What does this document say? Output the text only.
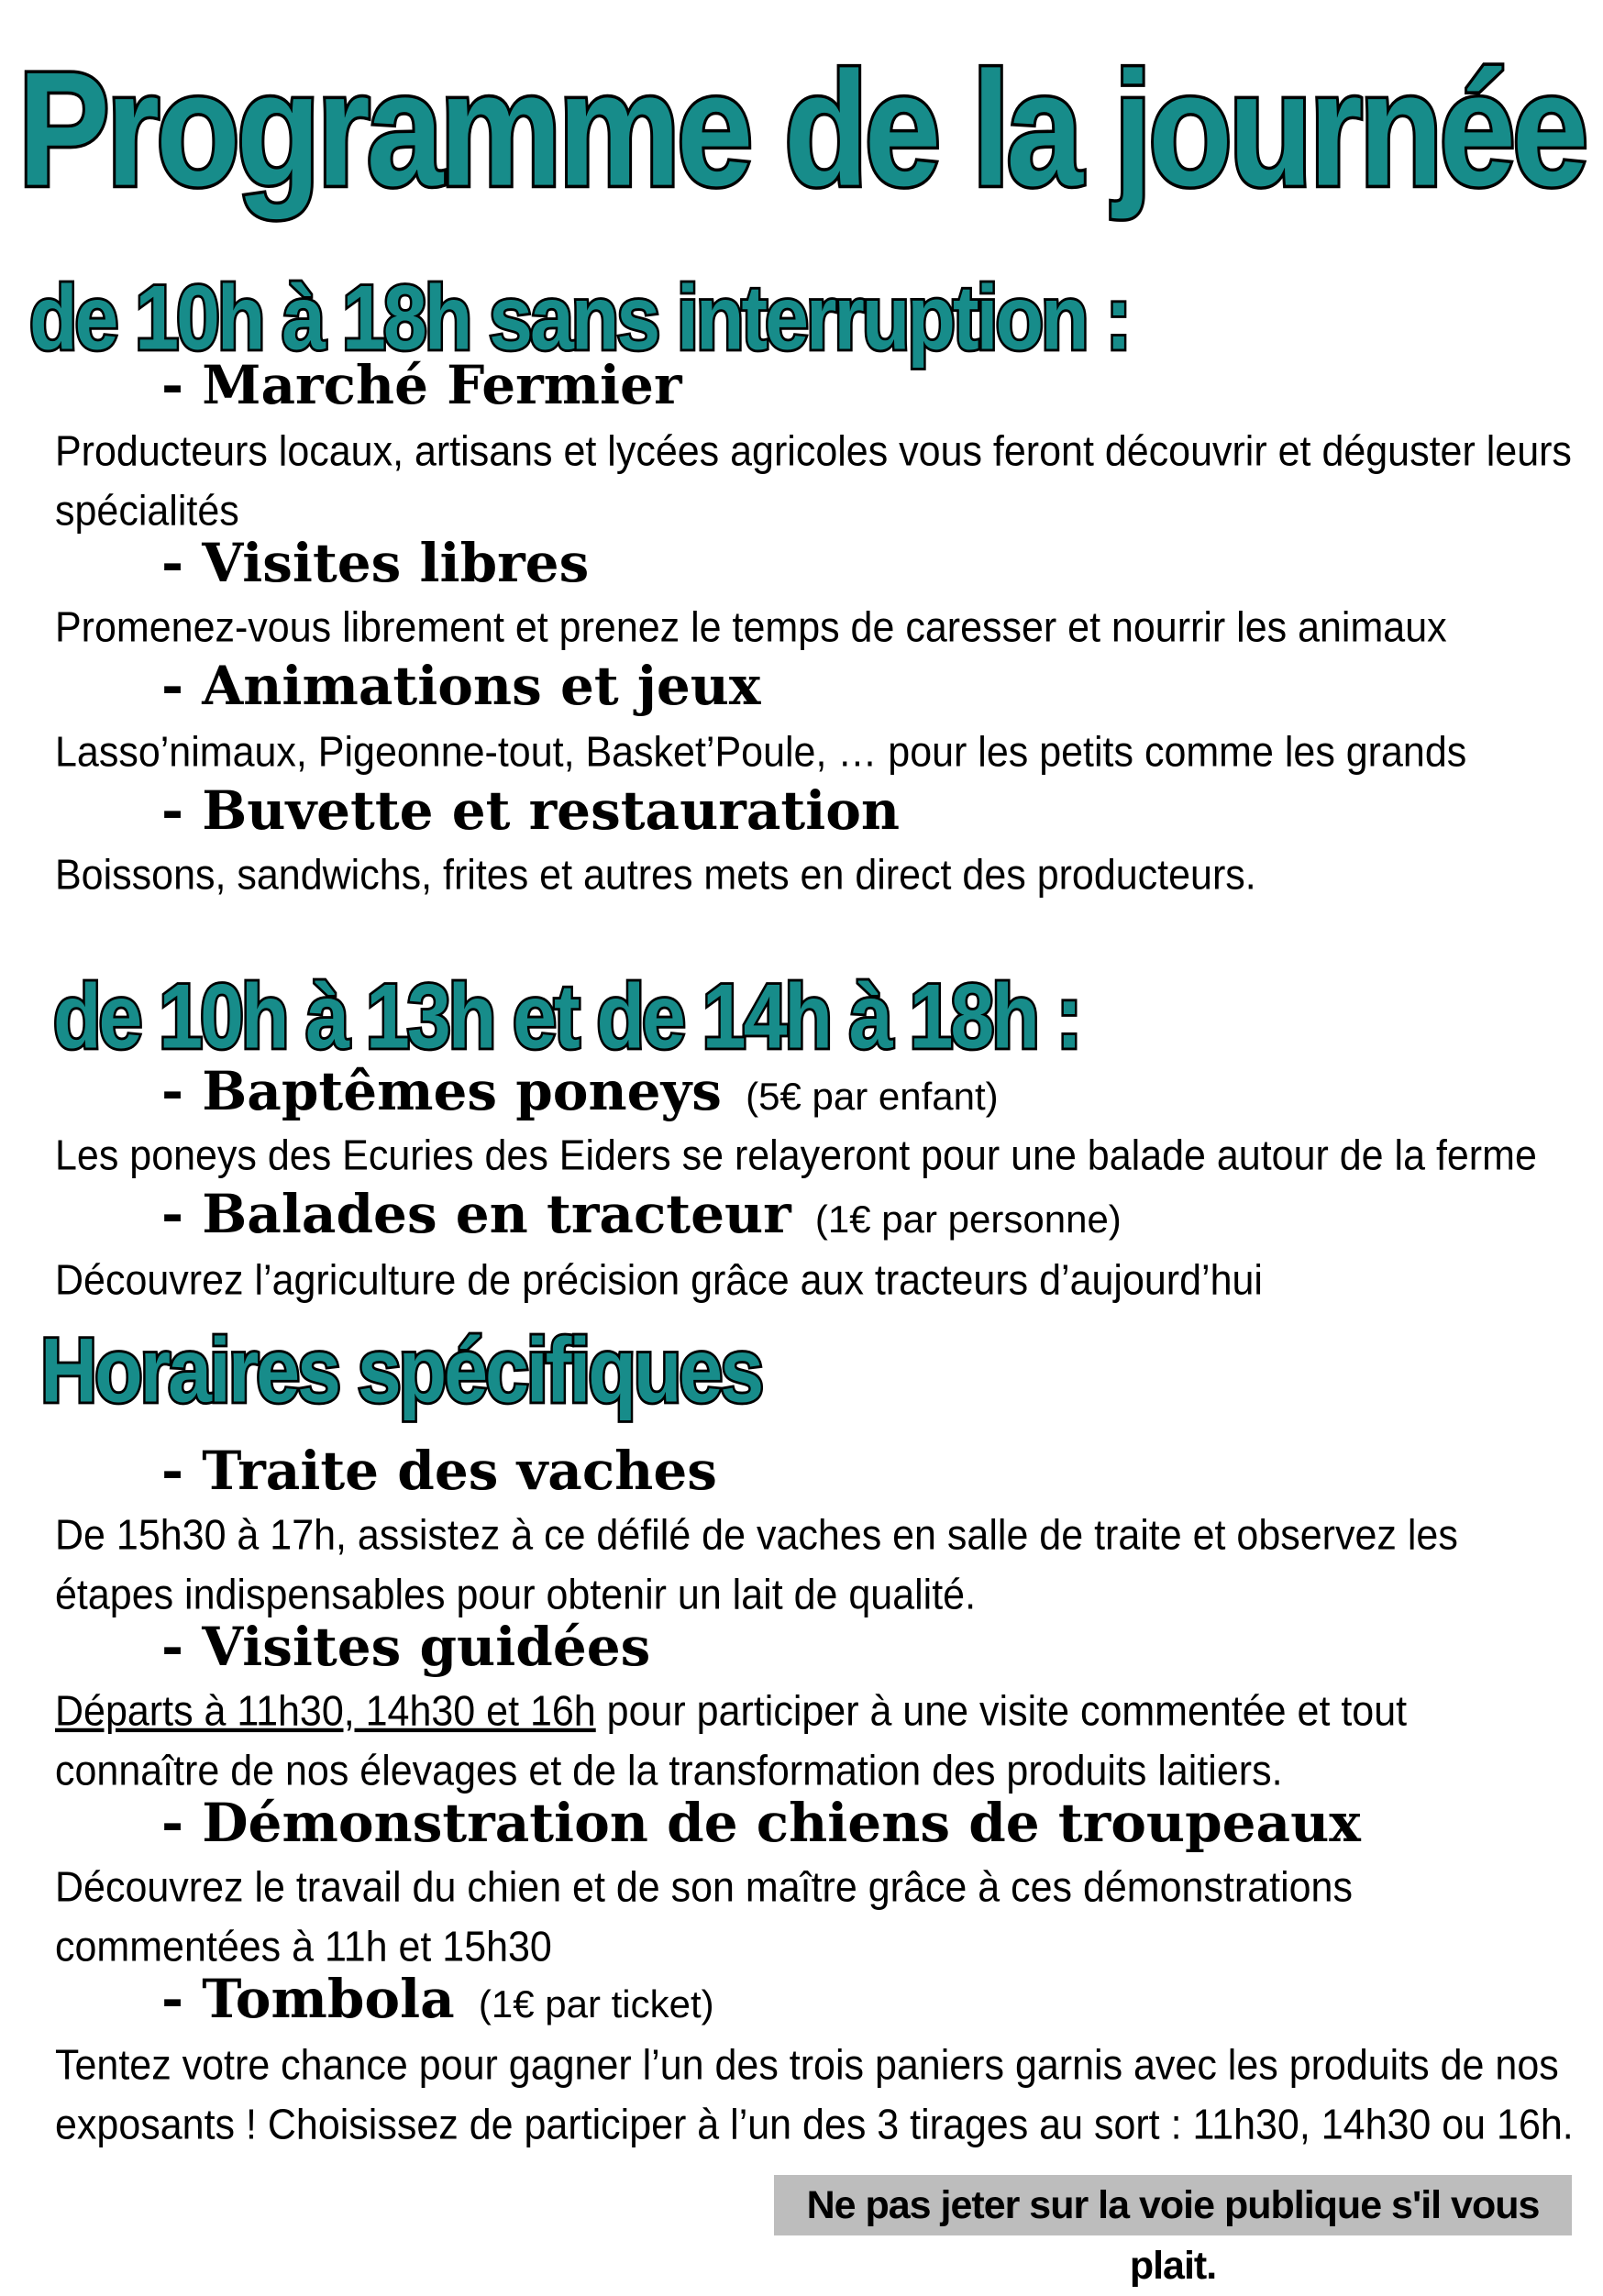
Programme de la journée
de 10h à 18h sans interruption :
- Marché Fermier
Producteurs locaux, artisans et lycées agricoles vous feront découvrir et déguster leurs spécialités
- Visites libres
Promenez-vous librement et prenez le temps de caresser et nourrir les animaux
- Animations et jeux
Lasso’nimaux, Pigeonne-tout, Basket’Poule, … pour les petits comme les grands
- Buvette et restauration
Boissons, sandwichs, frites et autres mets en direct des producteurs.
de 10h à 13h et de 14h à 18h :
- Baptêmes poneys (5€ par enfant)
Les poneys des Ecuries des Eiders se relayeront pour une balade autour de la ferme
- Balades en tracteur (1€ par personne)
Découvrez l’agriculture de précision grâce aux tracteurs d’aujourd’hui
Horaires spécifiques
- Traite des vaches
De 15h30 à 17h, assistez à ce défilé de vaches en salle de traite et observez les étapes indispensables pour obtenir un lait de qualité.
- Visites guidées
Départs à 11h30, 14h30 et 16h pour participer à une visite commentée et tout connaître de nos élevages et de la transformation des produits laitiers.
- Démonstration de chiens de troupeaux
Découvrez le travail du chien et de son maître grâce à ces démonstrations commentées à 11h et 15h30
- Tombola (1€ par ticket)
Tentez votre chance pour gagner l’un des trois paniers garnis avec les produits de nos exposants ! Choisissez de participer à l’un des 3 tirages au sort : 11h30, 14h30 ou 16h.
Ne pas jeter sur la voie publique s'il vous plait.
